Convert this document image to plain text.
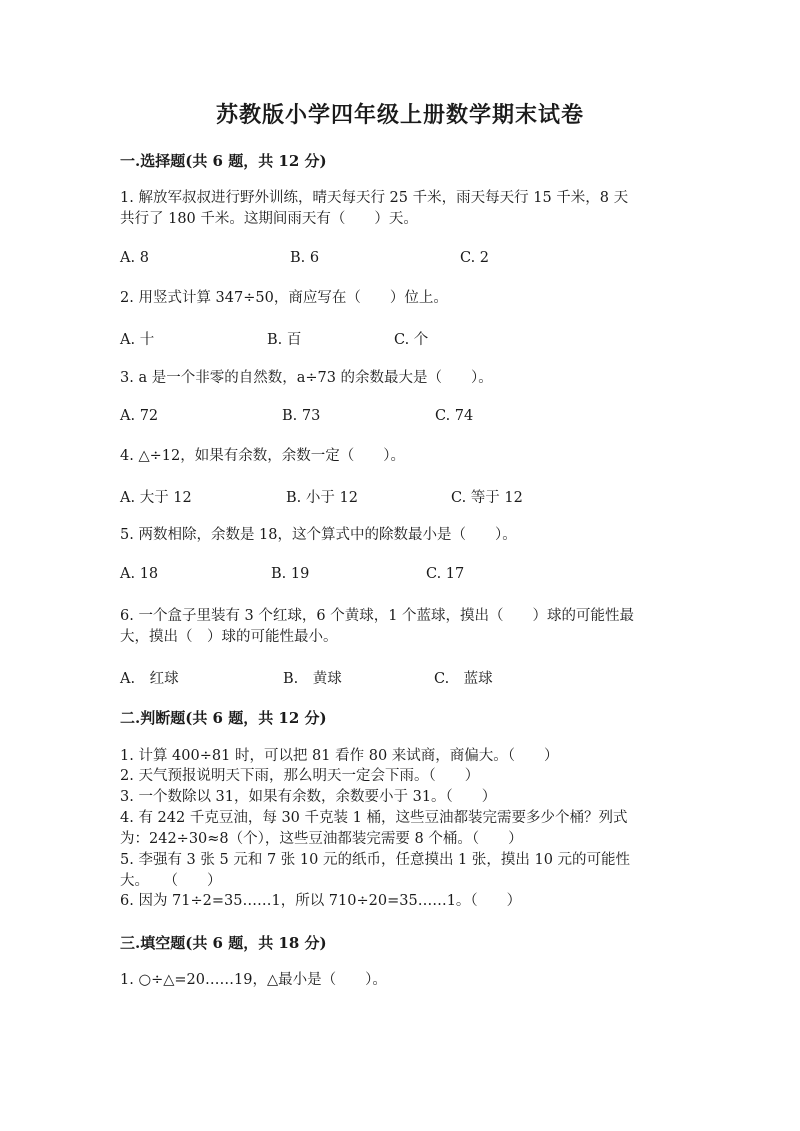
苏教版小学四年级上册数学期末试卷
一.选择题(共 6 题，共 12 分)
1. 解放军叔叔进行野外训练，晴天每天行 25 千米，雨天每天行 15 千米，8 天
共行了 180 千米。这期间雨天有（　　）天。
A. 8	B. 6	C. 2
2. 用竖式计算 347÷50，商应写在（　　）位上。
A. 十	B. 百	C. 个
3. a 是一个非零的自然数，a÷73 的余数最大是（　　）。
A. 72	B. 73	C. 74
4. △÷12，如果有余数，余数一定（　　）。
A. 大于 12	B. 小于 12	C. 等于 12
5. 两数相除，余数是 18，这个算式中的除数最小是（　　）。
A. 18	B. 19	C. 17
6. 一个盒子里装有 3 个红球，6 个黄球，1 个蓝球，摸出（　　）球的可能性最
大，摸出（　）球的可能性最小。
A.　红球	B.　黄球	C.　蓝球
二.判断题(共 6 题，共 12 分)
1. 计算 400÷81 时，可以把 81 看作 80 来试商，商偏大。（　　）
2. 天气预报说明天下雨，那么明天一定会下雨。（　　）
3. 一个数除以 31，如果有余数，余数要小于 31。（　　）
4. 有 242 千克豆油，每 30 千克装 1 桶，这些豆油都装完需要多少个桶？列式
为：242÷30≈8（个），这些豆油都装完需要 8 个桶。（　　）
5. 李强有 3 张 5 元和 7 张 10 元的纸币，任意摸出 1 张，摸出 10 元的可能性
大。　　（　　）
6. 因为 71÷2=35……1，所以 710÷20=35……1。（　　）
三.填空题(共 6 题，共 18 分)
1. ○÷△=20……19，△最小是（　　）。
